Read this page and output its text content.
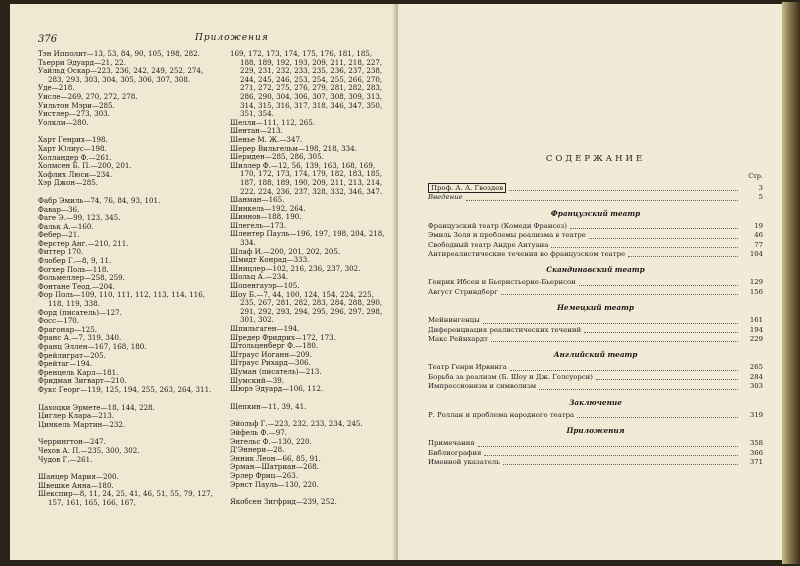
376	Приложения
Тэн Ипполит—13, 53, 84, 90, 105, 198, 282.
Тьерри Эдуард—21, 22.
Уайльд Оскар—223, 236, 242, 249, 252, 274, 283, 293, 303, 304, 305, 306, 307, 308.
Уде—218.
Уисле—269, 270, 272, 278.
Уильтон Мэри—285.
Уистлер—273, 303.
Уолкли—280.
Харт Генрих—198.
Харт Юлиус—198.
Холландер Ф.—261.
Холмсен Б. П.—200, 201.
Хофлих Люси—234.
Хэр Джон—285.
Фабр Эмиль—74, 76, 84, 93, 101.
Фавар—36.
Фаге Э.—99, 123, 345.
Фальк А.—160.
Фебер—21.
Ферстер Анг.—210, 211.
Фиттер 170.
Флобер Г.—8, 9, 11.
Фогхер Поль—118.
Фольмеллер—258, 259.
Фонтане Теод.—204.
Фор Поль—109, 110, 111, 112, 113, 114, 116, 118, 119, 338.
Форд (писатель)—127.
Фосс—170.
Фрагонар—125.
Франс А.—7, 319, 340.
Франц Эллен—167, 168, 180.
Фрейлиграт—205.
Фрейтаг—194.
Френцель Карл—181.
Фридман Зигварт—210.
Фукс Георг—119, 125, 194, 255, 263, 264, 311.
Цахоцки Эрмете—18, 144, 228.
Циглер Клара—213.
Цинкель Мартин—232.
Черрингтон—247.
Чехов А. П.—235, 300, 302.
Чудов Г.—261.
Шанцер Мария—200.
Швешке Анна—180.
Шекспир—8, 11, 24, 25, 41, 46, 51, 55, 79, 127, 157, 161, 165, 166, 167,
169, 172, 173, 174, 175, 176, 181, 185, 188, 189, 192, 193, 209, 211, 218, 227, 229, 231, 232, 233, 235, 236, 237, 238, 244, 245, 246, 253, 254, 255, 266, 270, 271, 272, 275, 276, 279, 281, 282, 283, 286, 290, 304, 306, 307, 308, 309, 313, 314, 315, 316, 317, 318, 346, 347, 350, 351, 354.
Шелли—111, 112, 265.
Шентан—213.
Шенье М. Ж.—347.
Шерер Вильгельм—198, 218, 334.
Шериден—285, 286, 305.
Шиллер Ф.—12, 56, 139, 163, 168, 169, 170, 172, 173, 174, 179, 182, 183, 185, 187, 188, 189, 190, 209, 211, 213, 214, 222, 224, 236, 237, 328, 332, 346, 347.
Шанман—165.
Шинкель—192, 264.
Шиннов—188, 190.
Шлегель—173.
Шлентер Пауль—196, 197, 198, 204, 218, 334.
Шлаф И.—200, 201, 202, 205.
Шмидт Конрад—333.
Шницлер—102, 216, 236, 237, 302.
Шольц А.—234.
Шопенгауэр—105.
Шоу Б.—7, 44, 100, 124, 154, 224, 225, 235, 267, 281, 282, 283, 284, 288, 290, 291, 292, 293, 294, 295, 296, 297, 298, 301, 302.
Шпильгаген—194.
Шредер Фридрих—172, 173.
Штольценберг Ф.—180.
Штраус Иоганн—209.
Штраус Рихард—306.
Шуман (писатель)—213.
Шумский—39.
Шюрэ Эдуард—106, 112.
Щепкин—11, 39, 41.
Эйольф Г.—223, 232, 233, 234, 245.
Эйфель Ф.—97.
Энгельс Ф.—130, 220.
Д'Эннери—28.
Энник Леон—66, 85, 91.
Эрман—Шатриан—268.
Эрлер Фриц—263.
Эрнст Пауль—130, 220.
Якобсен Зигфрид—239, 252.
СОДЕРЖАНИЕ
Стр.
Проф. А. А. Гвоздев	3
Введение	5
Французский театр
Французский театр (Комеди Франсез)	19
Эмиль Золя и проблемы реализма в театре	46
Свободный театр Андре Антуана	77
Антиреалистические течения во французском театре	104
Скандинавский театр
Генрик Ибсен и Бьернстьерне-Бьернсон	129
Август Стриндберг	156
Немецкий театр
Мейнингенцы	161
Диференциация реалистических течений	194
Макс Рейнхардт	229
Английский театр
Театр Генри Ирвинга	265
Борьба за реализм (Б. Шоу и Дж. Голсуорси)	284
Импрессионизм и символизм	303
Заключение
Р. Роллан и проблема народного театра	319
Приложения
Примечания	358
Библиография	366
Именной указатель	371
